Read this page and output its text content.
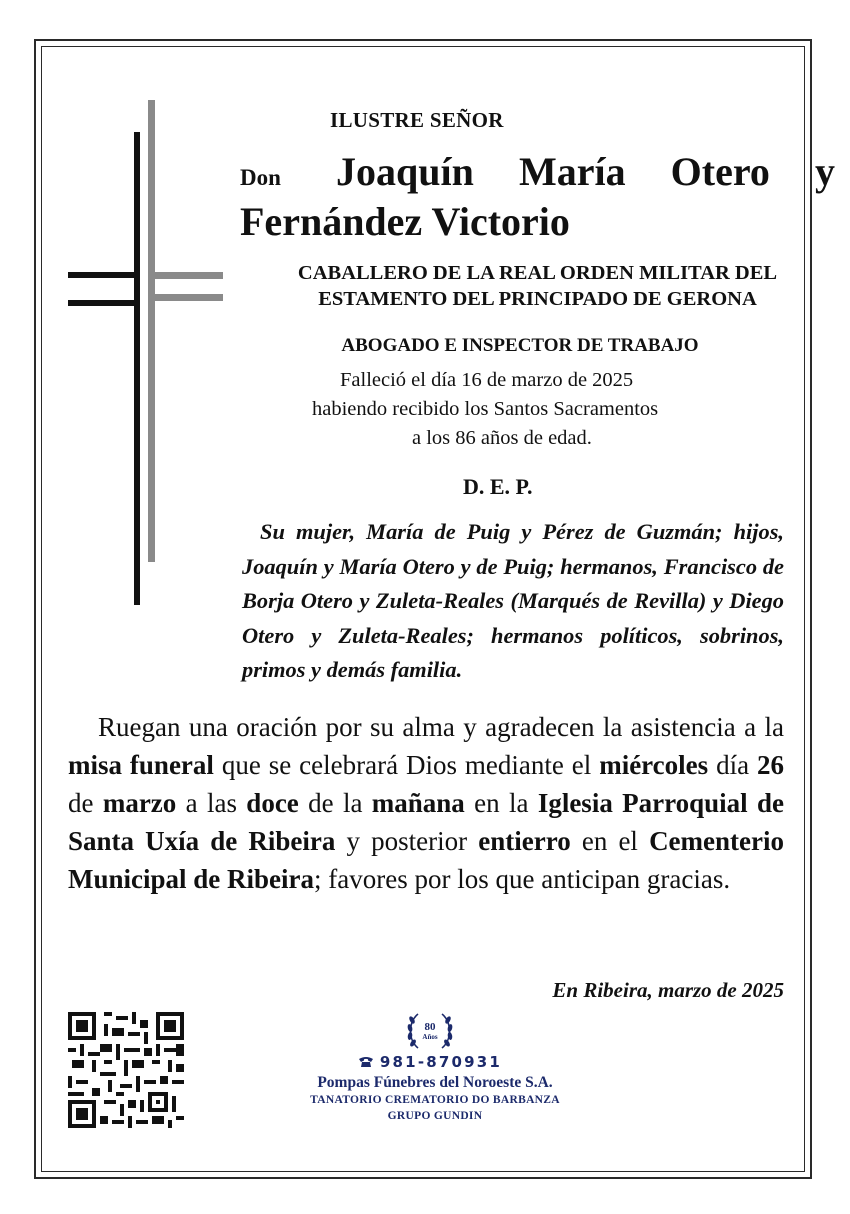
ILUSTRE SEÑOR
Don Joaquín María Otero y
Fernández Victorio
CABALLERO DE LA REAL ORDEN MILITAR DEL
ESTAMENTO DEL PRINCIPADO DE GERONA
ABOGADO E INSPECTOR DE TRABAJO
Falleció el día 16 de marzo de 2025
habiendo recibido los Santos Sacramentos
a los 86 años de edad.
D. E. P.
Su mujer, María de Puig y Pérez de Guzmán; hijos, Joaquín y María Otero y de Puig; hermanos, Francisco de Borja Otero y Zuleta-Reales (Marqués de Revilla) y Diego Otero y Zuleta-Reales; hermanos políticos, sobrinos, primos y demás familia.
Ruegan una oración por su alma y agradecen la asistencia a la misa funeral que se celebrará Dios mediante el miércoles día 26 de marzo a las doce de la mañana en la Iglesia Parroquial de Santa Uxía de Ribeira y posterior entierro en el Cementerio Municipal de Ribeira; favores por los que anticipan gracias.
En Ribeira, marzo de 2025
80
Años
981-870931
Pompas Fúnebres del Noroeste S.A.
TANATORIO CREMATORIO DO BARBANZA
GRUPO GUNDIN
